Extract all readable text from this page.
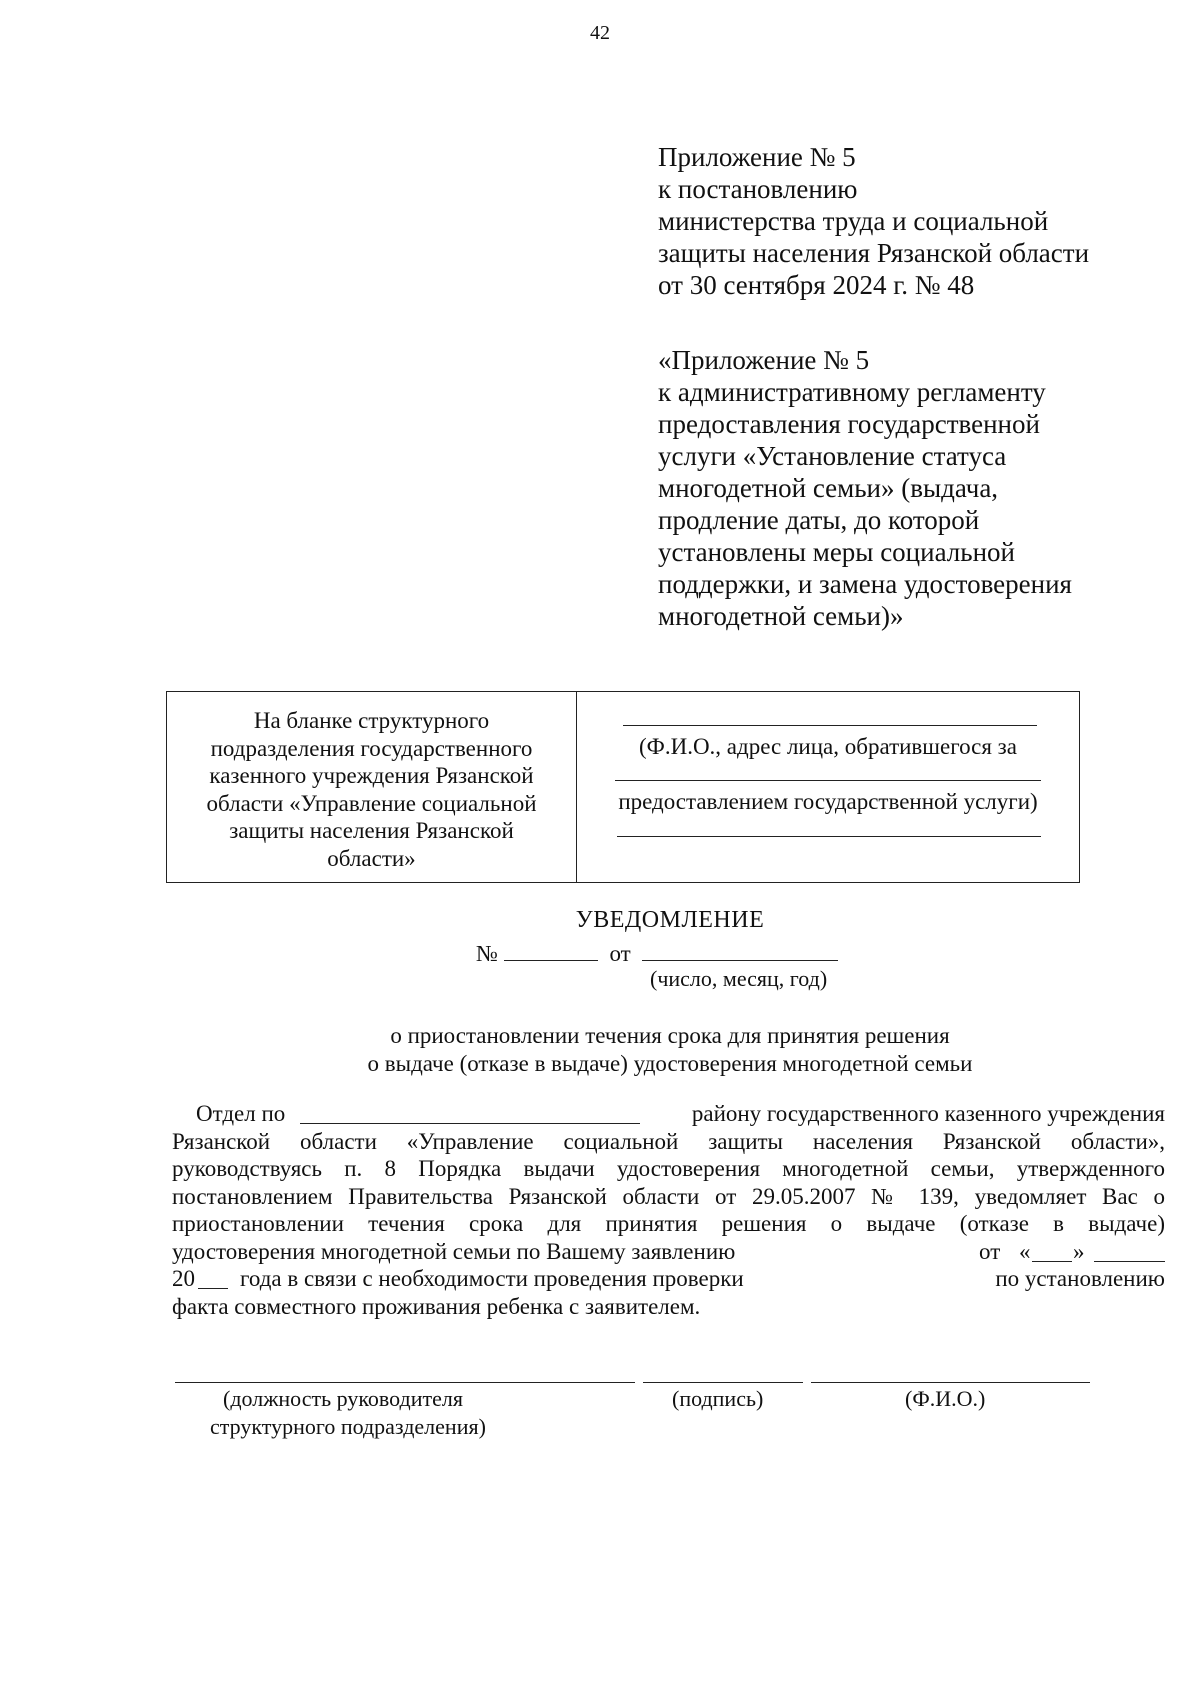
42
Приложение № 5
к постановлению
министерства труда и социальной
защиты населения Рязанской области
от 30 сентября 2024 г. № 48
«Приложение № 5
к административному регламенту
предоставления государственной
услуги «Установление статуса
многодетной семьи» (выдача,
продление даты, до которой
установлены меры социальной
поддержки, и замена удостоверения
многодетной семьи)»
На бланке структурного
подразделения государственного
казенного учреждения Рязанской
области «Управление социальной
защиты населения Рязанской
области»
(Ф.И.О., адрес лица, обратившегося за
предоставлением государственной услуги)
УВЕДОМЛЕНИЕ
№	от
(число, месяц, год)
о приостановлении течения срока для принятия решения
о выдаче (отказе в выдаче) удостоверения многодетной семьи
Отдел по	району государственного казенного учреждения
Рязанской области «Управление социальной защиты населения Рязанской области»,
руководствуясь п. 8 Порядка выдачи удостоверения многодетной семьи, утвержденного
постановлением Правительства Рязанской области от 29.05.2007 № 139, уведомляет Вас о
приостановлении течения срока для принятия решения о выдаче (отказе в выдаче)
удостоверения многодетной семьи по Вашему заявлению	от « »
20 года в связи с необходимости проведения проверки	по установлению
факта совместного проживания ребенка с заявителем.
(должность руководителя
структурного подразделения)
(подпись)	(Ф.И.О.)
